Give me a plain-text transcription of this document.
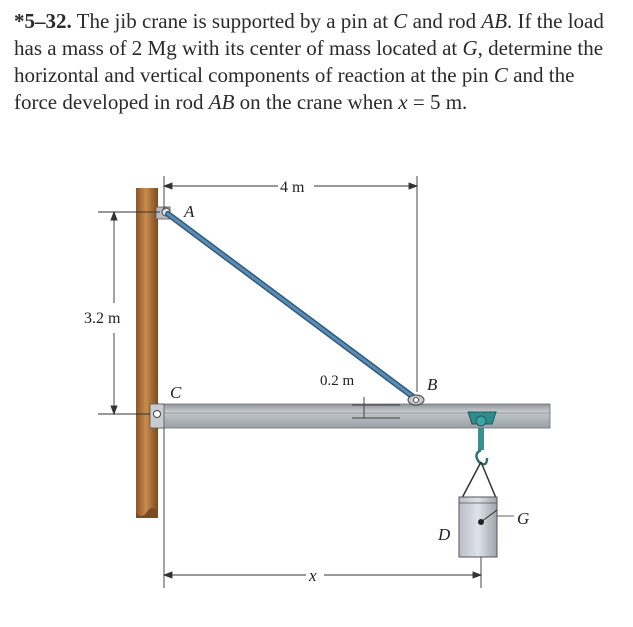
*5–32. The jib crane is supported by a pin at C and rod AB. If the load has a mass of 2 Mg with its center of mass located at G, determine the horizontal and vertical components of reaction at the pin C and the force developed in rod AB on the crane when x = 5 m.
A
B
C
D
G
x
4 m
3.2 m
0.2 m
